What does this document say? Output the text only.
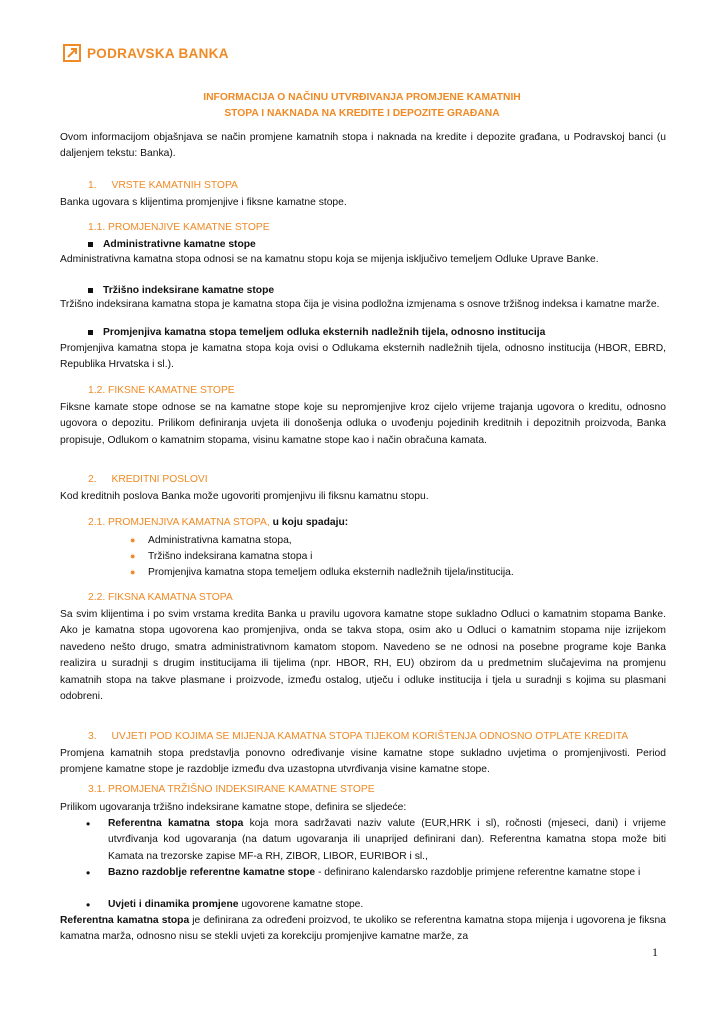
PODRAVSKA BANKA
INFORMACIJA O NAČINU UTVRĐIVANJA PROMJENE KAMATNIH
STOPA I NAKNADA NA KREDITE I DEPOZITE GRAĐANA
Ovom informacijom objašnjava se način promjene kamatnih stopa i naknada na kredite i depozite građana, u Podravskoj banci (u daljenjem tekstu: Banka).
1. VRSTE KAMATNIH STOPA
Banka ugovara s klijentima promjenjive i fiksne kamatne stope.
1.1. PROMJENJIVE KAMATNE STOPE
Administrativne kamatne stope
Administrativna kamatna stopa odnosi se na kamatnu stopu koja se mijenja isključivo temeljem Odluke Uprave Banke.
Tržišno indeksirane kamatne stope
Tržišno indeksirana kamatna stopa je kamatna stopa čija je visina podložna izmjenama s osnove tržišnog indeksa i kamatne marže.
Promjenjiva kamatna stopa temeljem odluka eksternih nadležnih tijela, odnosno institucija
Promjenjiva kamatna stopa je kamatna stopa koja ovisi o Odlukama eksternih nadležnih tijela, odnosno institucija (HBOR, EBRD, Republika Hrvatska i sl.).
1.2. FIKSNE KAMATNE STOPE
Fiksne kamate stope odnose se na kamatne stope koje su nepromjenjive kroz cijelo vrijeme trajanja ugovora o kreditu, odnosno ugovora o depozitu. Prilikom definiranja uvjeta ili donošenja odluka o uvođenju pojedinih kreditnih i depozitnih proizvoda, Banka propisuje, Odlukom o kamatnim stopama, visinu kamatne stope kao i način obračuna kamata.
2. KREDITNI POSLOVI
Kod kreditnih poslova Banka može ugovoriti promjenjivu ili fiksnu kamatnu stopu.
2.1. PROMJENJIVA KAMATNA STOPA, u koju spadaju:
● Administrativna kamatna stopa,
● Tržišno indeksirana kamatna stopa i
● Promjenjiva kamatna stopa temeljem odluka eksternih nadležnih tijela/institucija.
2.2. FIKSNA KAMATNA STOPA
Sa svim klijentima i po svim vrstama kredita Banka u pravilu ugovora kamatne stope sukladno Odluci o kamatnim stopama Banke. Ako je kamatna stopa ugovorena kao promjenjiva, onda se takva stopa, osim ako u Odluci o kamatnim stopama nije izrijekom navedeno nešto drugo, smatra administrativnom kamatom stopom. Navedeno se ne odnosi na posebne programe koje Banka realizira u suradnji s drugim institucijama ili tijelima (npr. HBOR, RH, EU) obzirom da u predmetnim slučajevima na promjenu kamatnih stopa na takve plasmane i proizvode, između ostalog, utječu i odluke institucija i tjela u suradnji s kojima su plasmani odobreni.
3. UVJETI POD KOJIMA SE MIJENJA KAMATNA STOPA TIJEKOM KORIŠTENJA ODNOSNO OTPLATE KREDITA
Promjena kamatnih stopa predstavlja ponovno određivanje visine kamatne stope sukladno uvjetima o promjenjivosti. Period promjene kamatne stope je razdoblje između dva uzastopna utvrđivanja visine kamatne stope.
3.1. PROMJENA TRŽIŠNO INDEKSIRANE KAMATNE STOPE
Prilikom ugovaranja tržišno indeksirane kamatne stope, definira se sljedeće:
•	Referentna kamatna stopa koja mora sadržavati naziv valute (EUR,HRK i sl), ročnosti (mjeseci, dani) i vrijeme utvrđivanja kod ugovaranja (na datum ugovaranja ili unaprijed definirani dan). Referentna kamatna stopa može biti Kamata na trezorske zapise MF-a RH, ZIBOR, LIBOR, EURIBOR i sl.,
•	Bazno razdoblje referentne kamatne stope - definirano kalendarsko razdoblje primjene referentne kamatne stope i
•	Uvjeti i dinamika promjene ugovorene kamatne stope.
Referentna kamatna stopa je definirana za određeni proizvod, te ukoliko se referentna kamatna stopa mijenja i ugovorena je fiksna kamatna marža, odnosno nisu se stekli uvjeti za korekciju promjenjive kamatne marže, za
1
